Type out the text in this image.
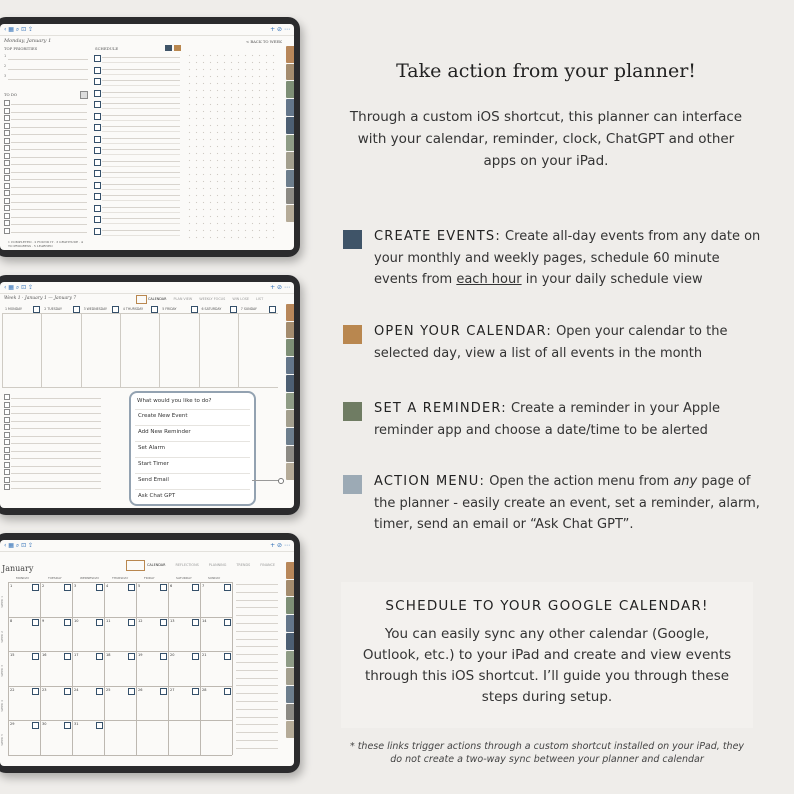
‹ ▦ ⌕ ⊡ ⇪	+ ⊘ ⋯
Monday, January 1	< BACK TO WEEK
TOP PRIORITIES	SCHEDULE
1
2
3
TO DO
1 COMPLETED · 2 FOUND IT · 3 GRATITUDE · 4 TO PROGRESS · 5 LEARNED
‹ ▦ ⌕ ⊡ ⇪	+ ⊘ ⋯
Week 1 · January 1 — January 7	CALENDAR PLAN VIEW WEEKLY FOCUS WIN LOSE LIST
1 MONDAY	2 TUESDAY	3 WEDNESDAY	4 THURSDAY	5 FRIDAY	6 SATURDAY	7 SUNDAY
What would you like to do?
Create New Event
Add New Reminder
Set Alarm
Start Timer
Send Email
Ask Chat GPT
‹ ▦ ⌕ ⊡ ⇪	+ ⊘ ⋯
January	CALENDAR	REFLECTIONS	PLANNING	TRENDS	FINANCE
MONDAY	TUESDAY	WEDNESDAY	THURSDAY	FRIDAY	SATURDAY	SUNDAY
WEEK 1
1	2	3	4	5	6	7
WEEK 2
8	9	10	11	12	13	14
WEEK 3
15	16	17	18	19	20	21
WEEK 4
22	23	24	25	26	27	28
WEEK 5
29	30	31
Take action from your planner!
Through a custom iOS shortcut, this planner can interface with your calendar, reminder, clock, ChatGPT and other apps on your iPad.
CREATE EVENTS: Create all-day events from any date on your monthly and weekly pages, schedule 60 minute events from each hour in your daily schedule view
OPEN YOUR CALENDAR: Open your calendar to the selected day, view a list of all events in the month
SET A REMINDER: Create a reminder in your Apple reminder app and choose a date/time to be alerted
ACTION MENU: Open the action menu from any page of the planner - easily create an event, set a reminder, alarm, timer, send an email or “Ask Chat GPT”.
SCHEDULE TO YOUR GOOGLE CALENDAR!
You can easily sync any other calendar (Google, Outlook, etc.) to your iPad and create and view events through this iOS shortcut. I’ll guide you through these steps during setup.
* these links trigger actions through a custom shortcut installed on your iPad, they do not create a two-way sync between your planner and calendar
